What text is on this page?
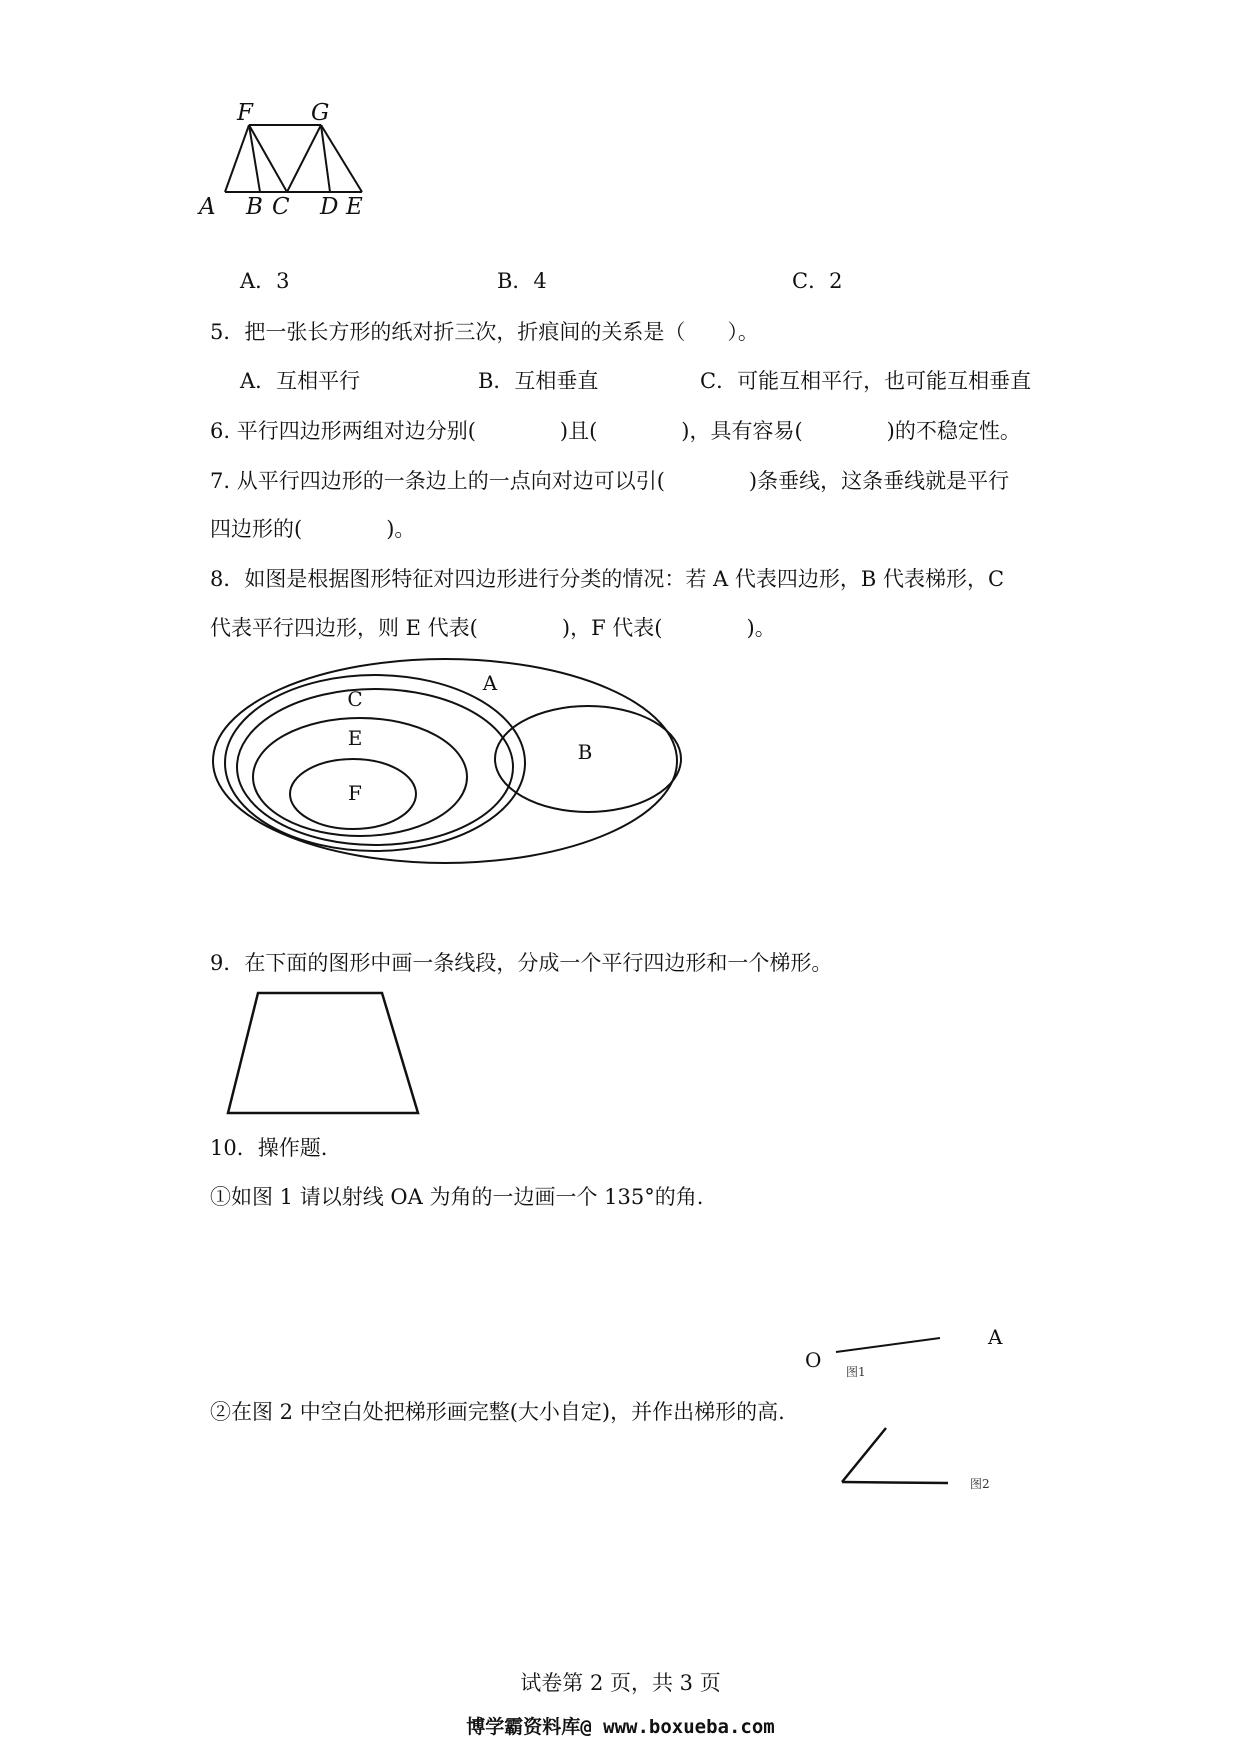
F	G
A B C D E
A．3	B．4	C．2
5．把一张长方形的纸对折三次，折痕间的关系是（　　）。
A．互相平行	B．互相垂直	C．可能互相平行，也可能互相垂直
6. 平行四边形两组对边分别(　　　　)且(　　　　)，具有容易(　　　　)的不稳定性。
7. 从平行四边形的一条边上的一点向对边可以引(　　　　)条垂线，这条垂线就是平行
四边形的(　　　　)。
8．如图是根据图形特征对四边形进行分类的情况：若 A 代表四边形，B 代表梯形，C
代表平行四边形，则 E 代表(　　　　)，F 代表(　　　　)。
A
C
E
F
B
9．在下面的图形中画一条线段，分成一个平行四边形和一个梯形。
10．操作题.
①如图 1 请以射线 OA 为角的一边画一个 135°的角.
②在图 2 中空白处把梯形画完整(大小自定)，并作出梯形的高.
O
A
图1
图2
试卷第 2 页，共 3 页
博学霸资料库@ www.boxueba.com
